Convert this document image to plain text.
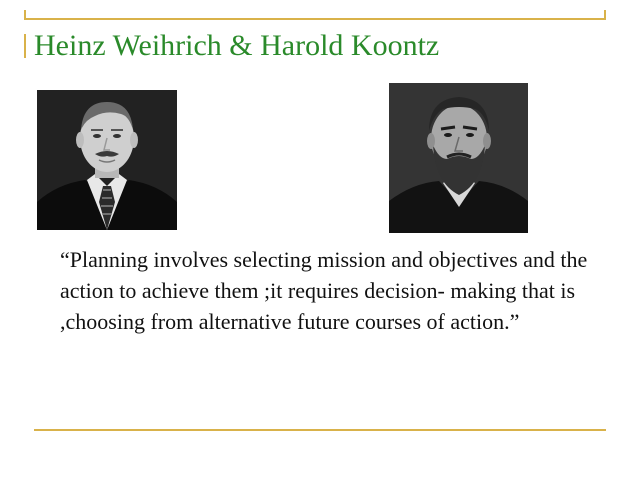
Heinz Weihrich & Harold Koontz

“Planning involves selecting mission and objectives and the action to achieve them ;it requires decision- making that is ,choosing from alternative future courses of action.”
